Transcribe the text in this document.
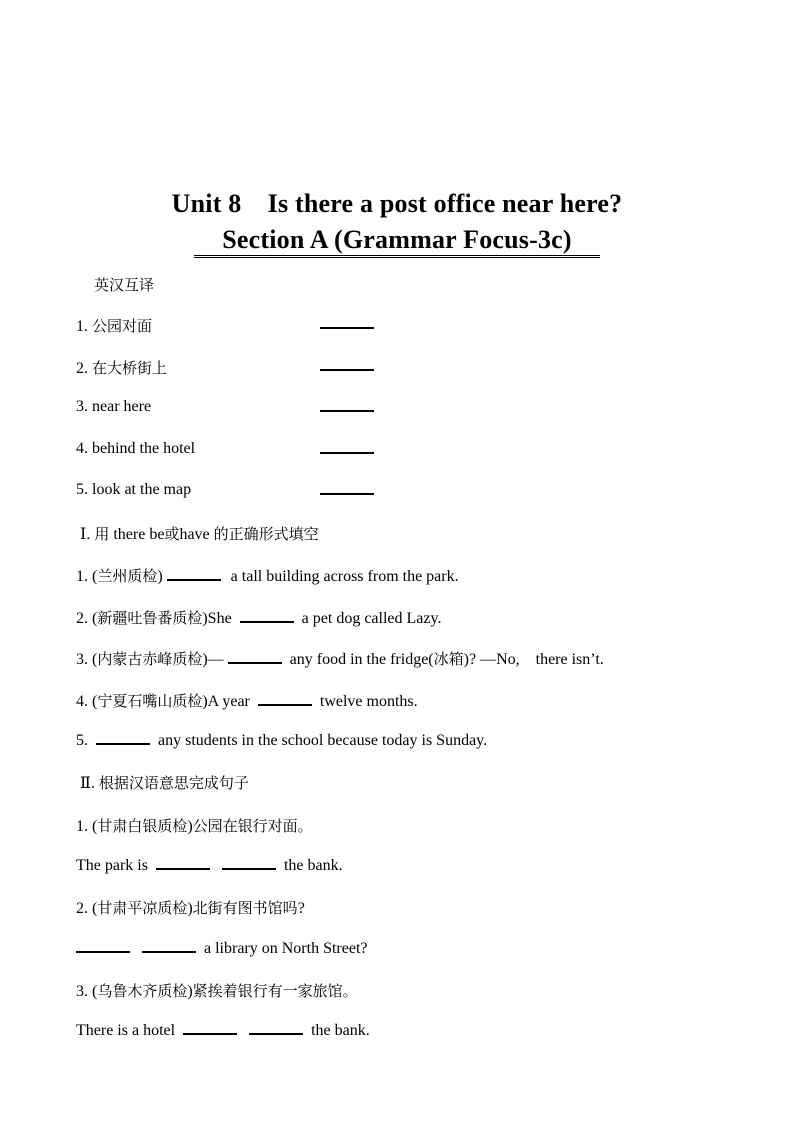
Unit 8　Is there a post office near here?
Section A (Grammar Focus-3c)
英汉互译
1. 公园对面
2. 在大桥街上
3. near here
4. behind the hotel
5. look at the map
Ⅰ. 用 there be或have 的正确形式填空
1. (兰州质检)	a tall building across from the park.
2. (新疆吐鲁番质检)She	a pet dog called Lazy.
3. (内蒙古赤峰质检)—	any food in the fridge(冰箱)? —No,    there isn’t.
4. (宁夏石嘴山质检)A year	twelve months.
5.	any students in the school because today is Sunday.
Ⅱ. 根据汉语意思完成句子
1. (甘肃白银质检)公园在银行对面。
The park is	the bank.
2. (甘肃平凉质检)北街有图书馆吗?
a library on North Street?
3. (乌鲁木齐质检)紧挨着银行有一家旅馆。
There is a hotel	the bank.
